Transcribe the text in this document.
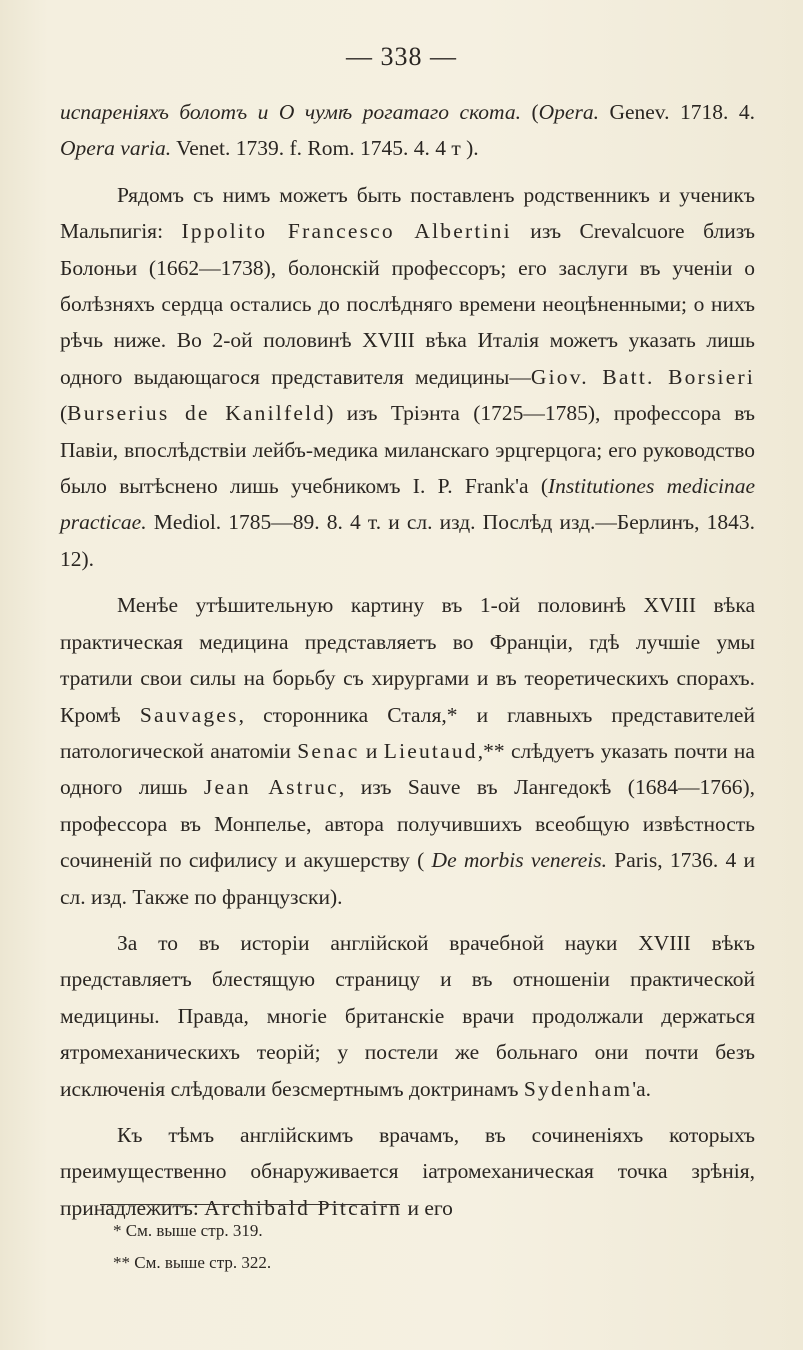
— 338 —

испареніяхъ болотъ и О чумѣ рогатаго скота. (Opera. Genev. 1718. 4. Opera varia. Venet. 1739. f. Rom. 1745. 4. 4 т ).

Рядомъ съ нимъ можетъ быть поставленъ родственникъ и ученикъ Мальпигія: Ippolito Francesco Albertini изъ Crevalcuore близъ Болоньи (1662—1738), болонскій профессоръ; его заслуги въ ученіи о болѣзняхъ сердца остались до послѣдняго времени неоцѣненными; о нихъ рѣчь ниже. Во 2-ой половинѣ XVIII вѣка Италія можетъ указать лишь одного выдающагося представителя медицины—Giov. Batt. Borsieri (Burserius de Kanilfeld) изъ Тріэнта (1725—1785), профессора въ Павіи, впослѣдствіи лейбъ-медика миланскаго эрцгерцога; его руководство было вытѣснено лишь учебникомъ I. P. Frank'а (Institutiones medicinae practicae. Mediol. 1785—89. 8. 4 т. и сл. изд. Послѣд изд.—Берлинъ, 1843. 12).

Менѣе утѣшительную картину въ 1-ой половинѣ XVIII вѣка практическая медицина представляетъ во Франціи, гдѣ лучшіе умы тратили свои силы на борьбу съ хирургами и въ теоретическихъ спорахъ. Кромѣ Sauvages, сторонника Сталя,* и главныхъ представителей патологической анатоміи Senac и Lieutaud,** слѣдуетъ указать почти на одного лишь Jean Astruc, изъ Sauve въ Лангедокѣ (1684—1766), профессора въ Монпелье, автора получившихъ всеобщую извѣстность сочиненій по сифилису и акушерству ( De morbis venereis. Paris, 1736. 4 и сл. изд. Также по французски).

За то въ исторіи англійской врачебной науки XVIII вѣкъ представляетъ блестящую страницу и въ отношеніи практической медицины. Правда, многіе британскіе врачи продолжали держаться ятромеханическихъ теорій; у постели же больнаго они почти безъ исключенія слѣдовали безсмертнымъ доктринамъ Sydenham'а.

Къ тѣмъ англійскимъ врачамъ, въ сочиненіяхъ которыхъ преимущественно обнаруживается іатромеханическая точка зрѣнія, принадлежитъ: Archibald Pitcairn и его

* См. выше стр. 319.
** См. выше стр. 322.
